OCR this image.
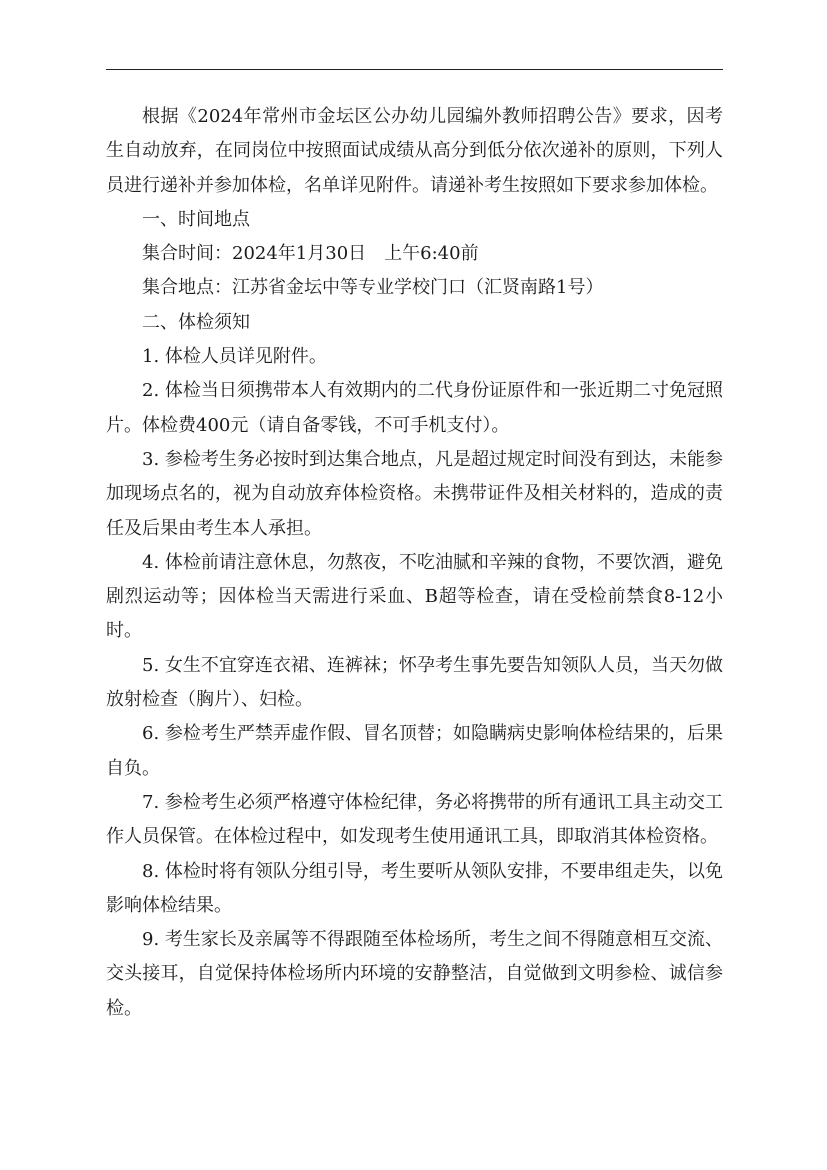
根据《2024年常州市金坛区公办幼儿园编外教师招聘公告》要求，因考生自动放弃，在同岗位中按照面试成绩从高分到低分依次递补的原则，下列人员进行递补并参加体检，名单详见附件。请递补考生按照如下要求参加体检。

一、时间地点

集合时间：2024年1月30日　上午6:40前

集合地点：江苏省金坛中等专业学校门口（汇贤南路1号）

二、体检须知

1. 体检人员详见附件。

2. 体检当日须携带本人有效期内的二代身份证原件和一张近期二寸免冠照片。体检费400元（请自备零钱，不可手机支付）。

3. 参检考生务必按时到达集合地点，凡是超过规定时间没有到达，未能参加现场点名的，视为自动放弃体检资格。未携带证件及相关材料的，造成的责任及后果由考生本人承担。

4. 体检前请注意休息，勿熬夜，不吃油腻和辛辣的食物，不要饮酒，避免剧烈运动等；因体检当天需进行采血、B超等检查，请在受检前禁食8-12小时。

5. 女生不宜穿连衣裙、连裤袜；怀孕考生事先要告知领队人员，当天勿做放射检查（胸片）、妇检。

6. 参检考生严禁弄虚作假、冒名顶替；如隐瞒病史影响体检结果的，后果自负。

7. 参检考生必须严格遵守体检纪律，务必将携带的所有通讯工具主动交工作人员保管。在体检过程中，如发现考生使用通讯工具，即取消其体检资格。

8. 体检时将有领队分组引导，考生要听从领队安排，不要串组走失，以免影响体检结果。

9. 考生家长及亲属等不得跟随至体检场所，考生之间不得随意相互交流、交头接耳，自觉保持体检场所内环境的安静整洁，自觉做到文明参检、诚信参检。
